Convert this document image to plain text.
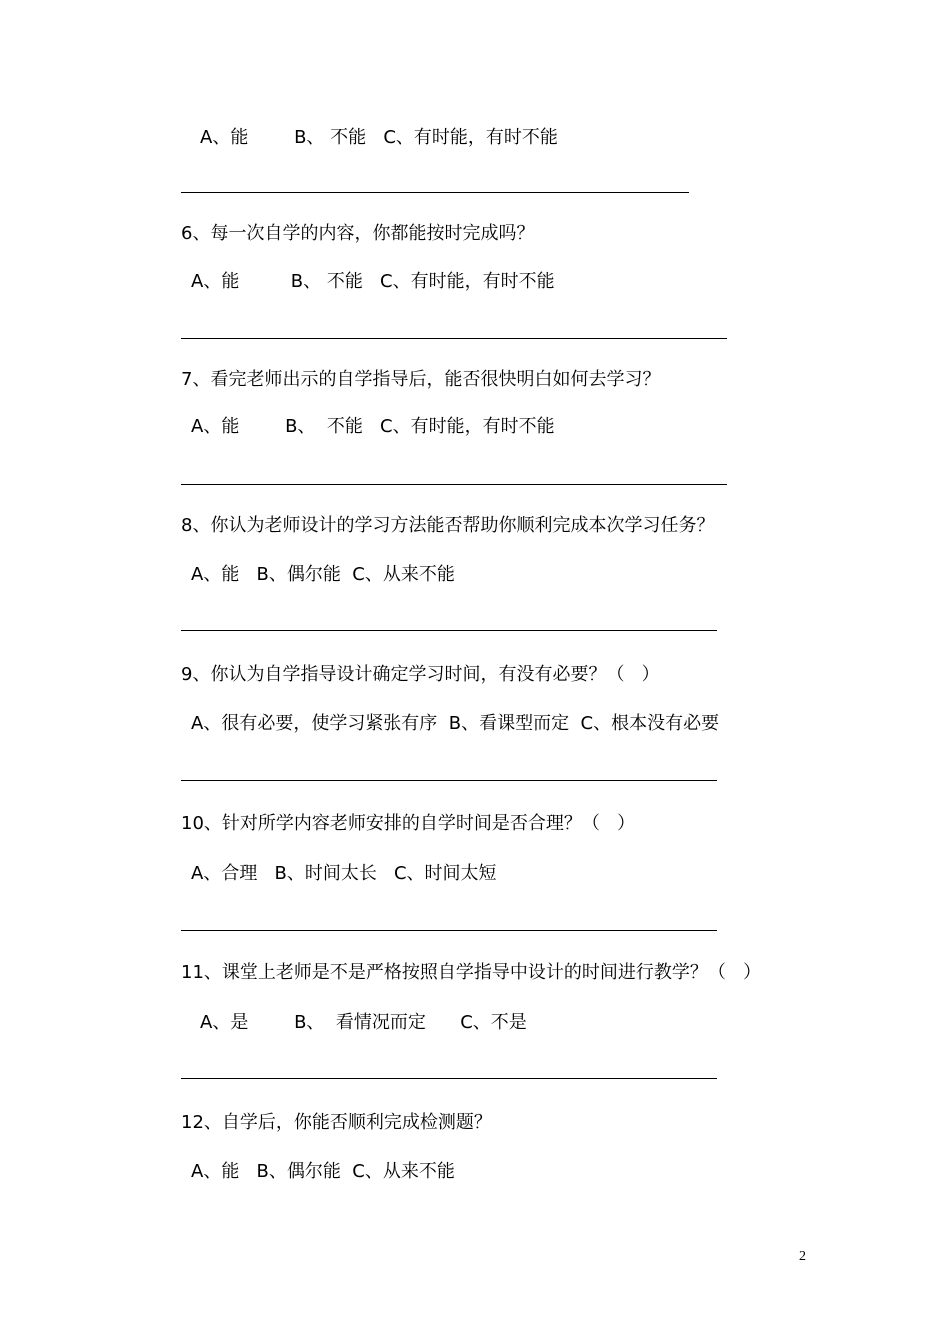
A、能        B、 不能   C、有时能，有时不能
6、每一次自学的内容，你都能按时完成吗？
A、能         B、 不能   C、有时能，有时不能
7、看完老师出示的自学指导后，能否很快明白如何去学习？
A、能        B、  不能   C、有时能，有时不能
8、你认为老师设计的学习方法能否帮助你顺利完成本次学习任务？
A、能   B、偶尔能  C、从来不能
9、你认为自学指导设计确定学习时间，有没有必要？（   ）
A、很有必要，使学习紧张有序  B、看课型而定  C、根本没有必要
10、针对所学内容老师安排的自学时间是否合理？（   ）
A、合理   B、时间太长   C、时间太短
11、课堂上老师是不是严格按照自学指导中设计的时间进行教学？（   ）
A、是        B、  看情况而定      C、不是
12、自学后，你能否顺利完成检测题？
A、能   B、偶尔能  C、从来不能
2
